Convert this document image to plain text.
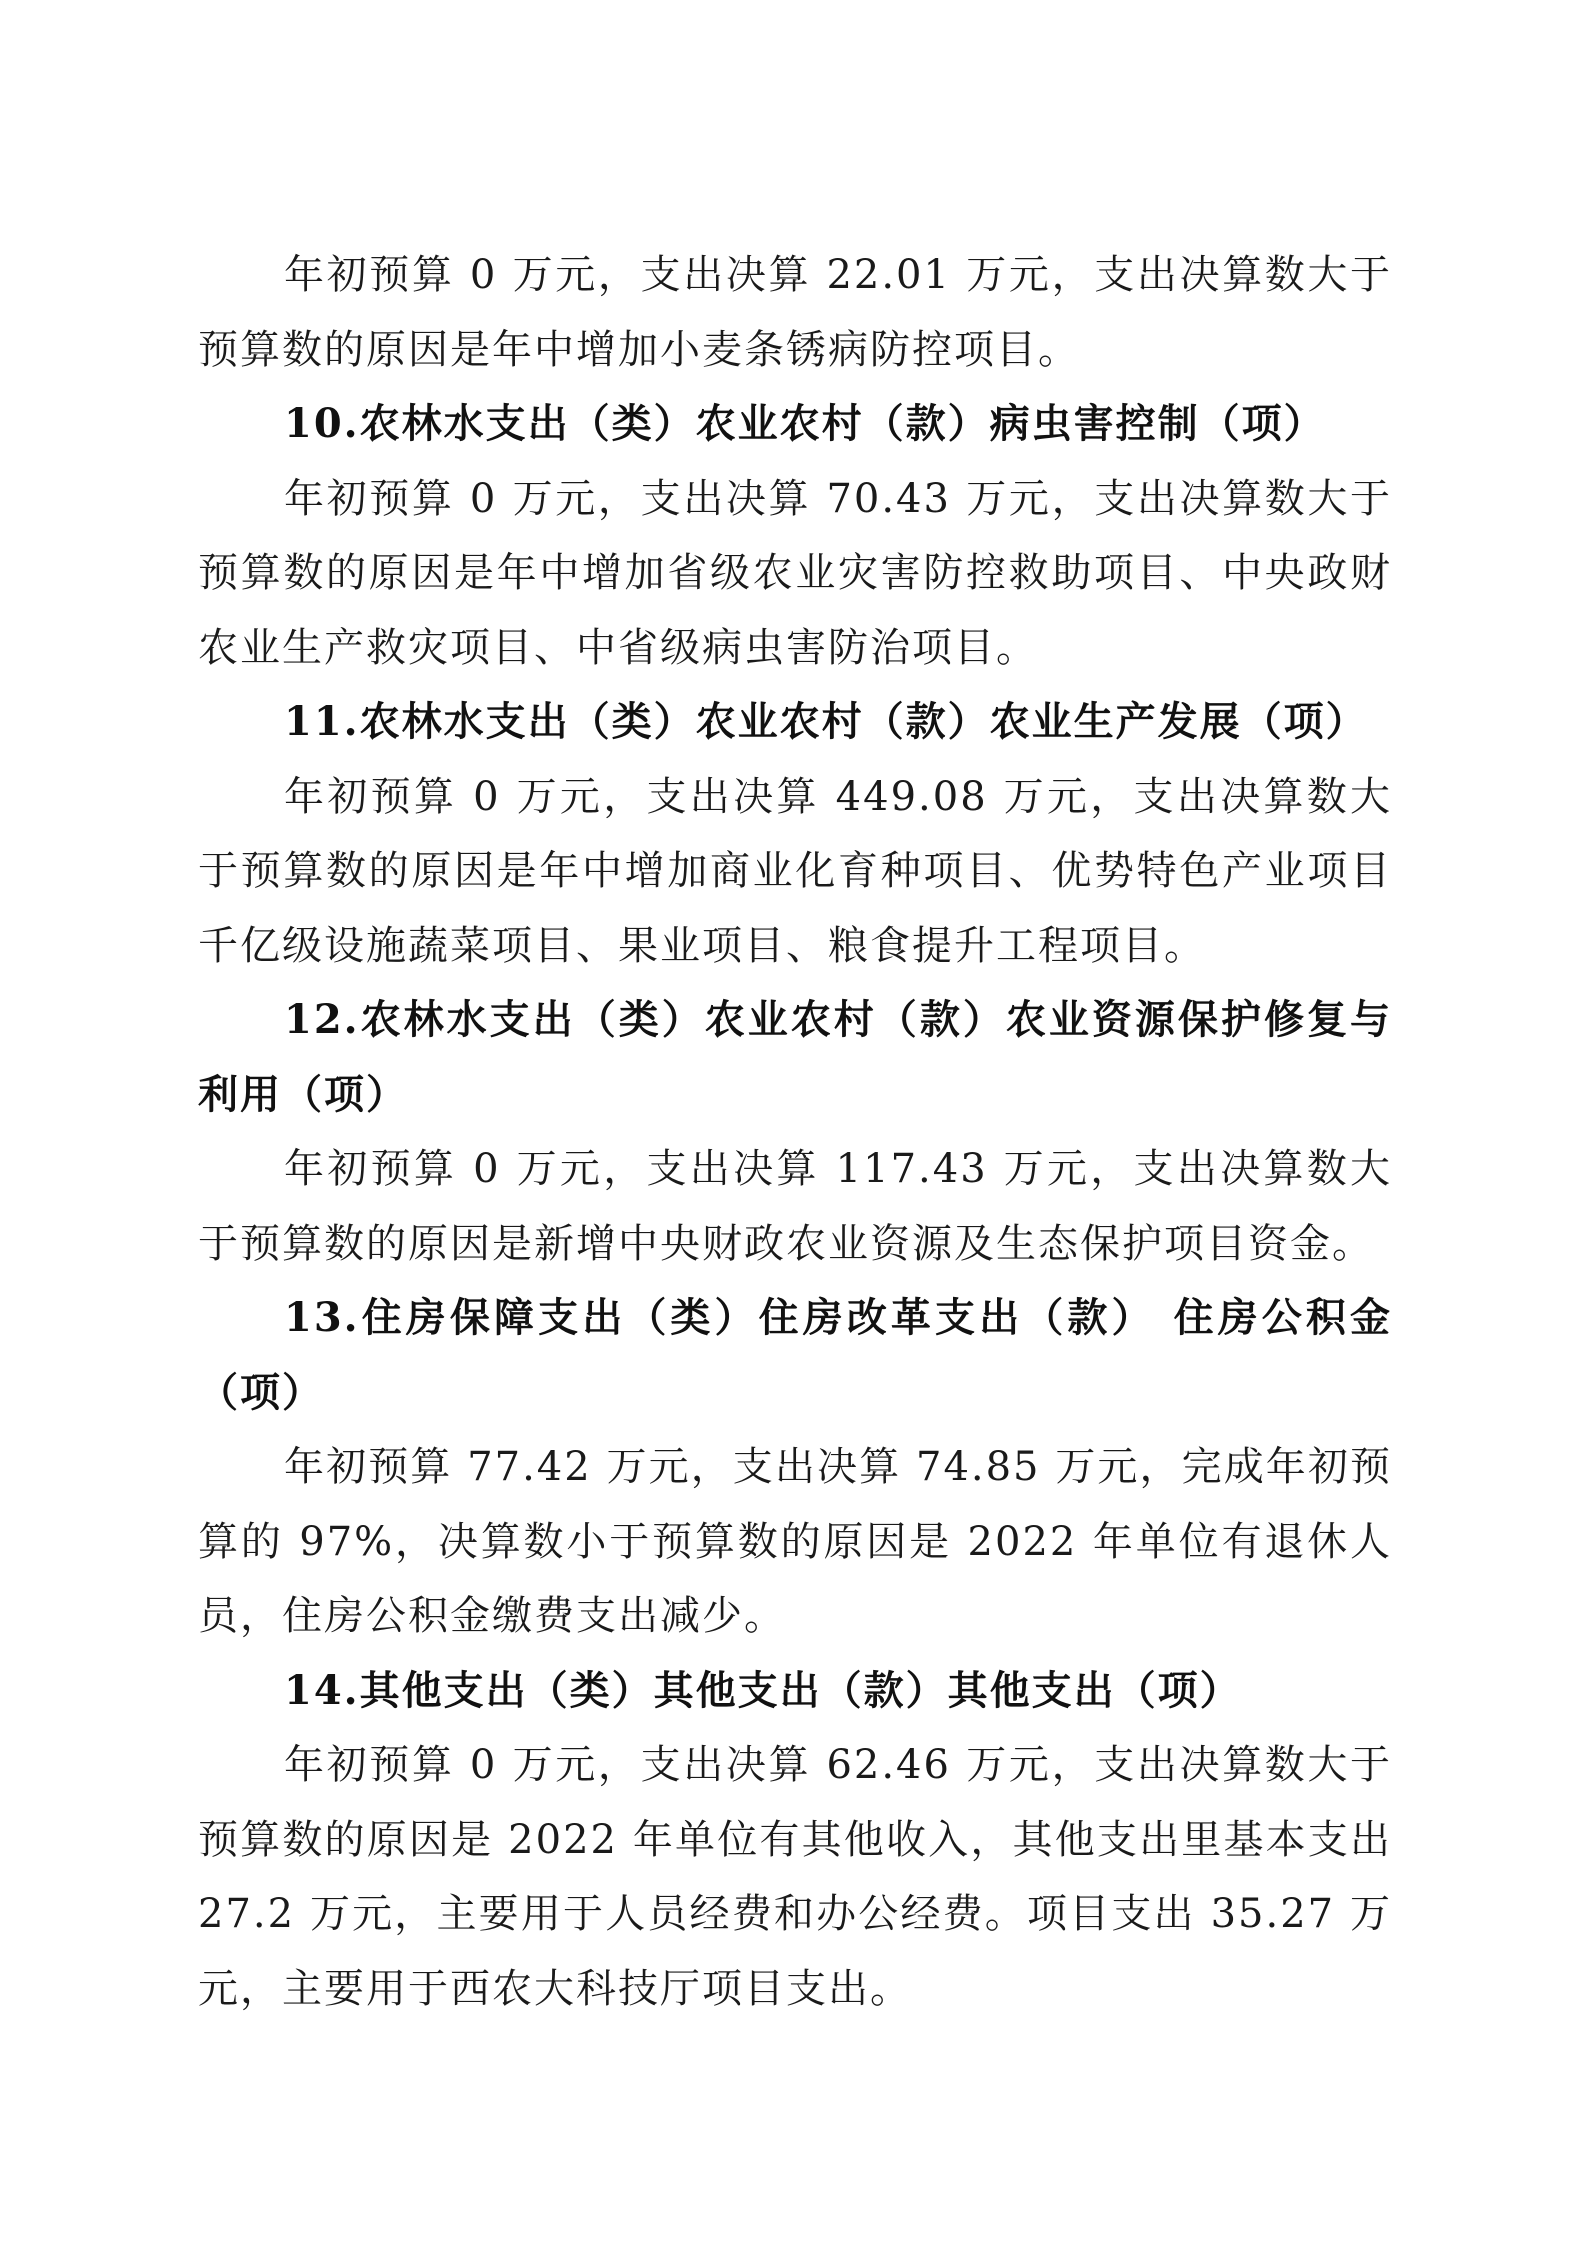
年初预算 0 万元，支出决算 22.01 万元，支出决算数大于预算数的原因是年中增加小麦条锈病防控项目。

10.农林水支出（类）农业农村（款）病虫害控制（项）

年初预算 0 万元，支出决算 70.43 万元，支出决算数大于预算数的原因是年中增加省级农业灾害防控救助项目、中央政财农业生产救灾项目、中省级病虫害防治项目。

11.农林水支出（类）农业农村（款）农业生产发展（项）

年初预算 0 万元，支出决算 449.08 万元，支出决算数大于预算数的原因是年中增加商业化育种项目、优势特色产业项目千亿级设施蔬菜项目、果业项目、粮食提升工程项目。

12.农林水支出（类）农业农村（款）农业资源保护修复与利用（项）

年初预算 0 万元，支出决算 117.43 万元，支出决算数大于预算数的原因是新增中央财政农业资源及生态保护项目资金。

13.住房保障支出（类）住房改革支出（款） 住房公积金（项）

年初预算 77.42 万元，支出决算 74.85 万元，完成年初预算的 97%，决算数小于预算数的原因是 2022 年单位有退休人员，住房公积金缴费支出减少。

14.其他支出（类）其他支出（款）其他支出（项）

年初预算 0 万元，支出决算 62.46 万元，支出决算数大于预算数的原因是 2022 年单位有其他收入，其他支出里基本支出 27.2 万元，主要用于人员经费和办公经费。项目支出 35.27 万元，主要用于西农大科技厅项目支出。
